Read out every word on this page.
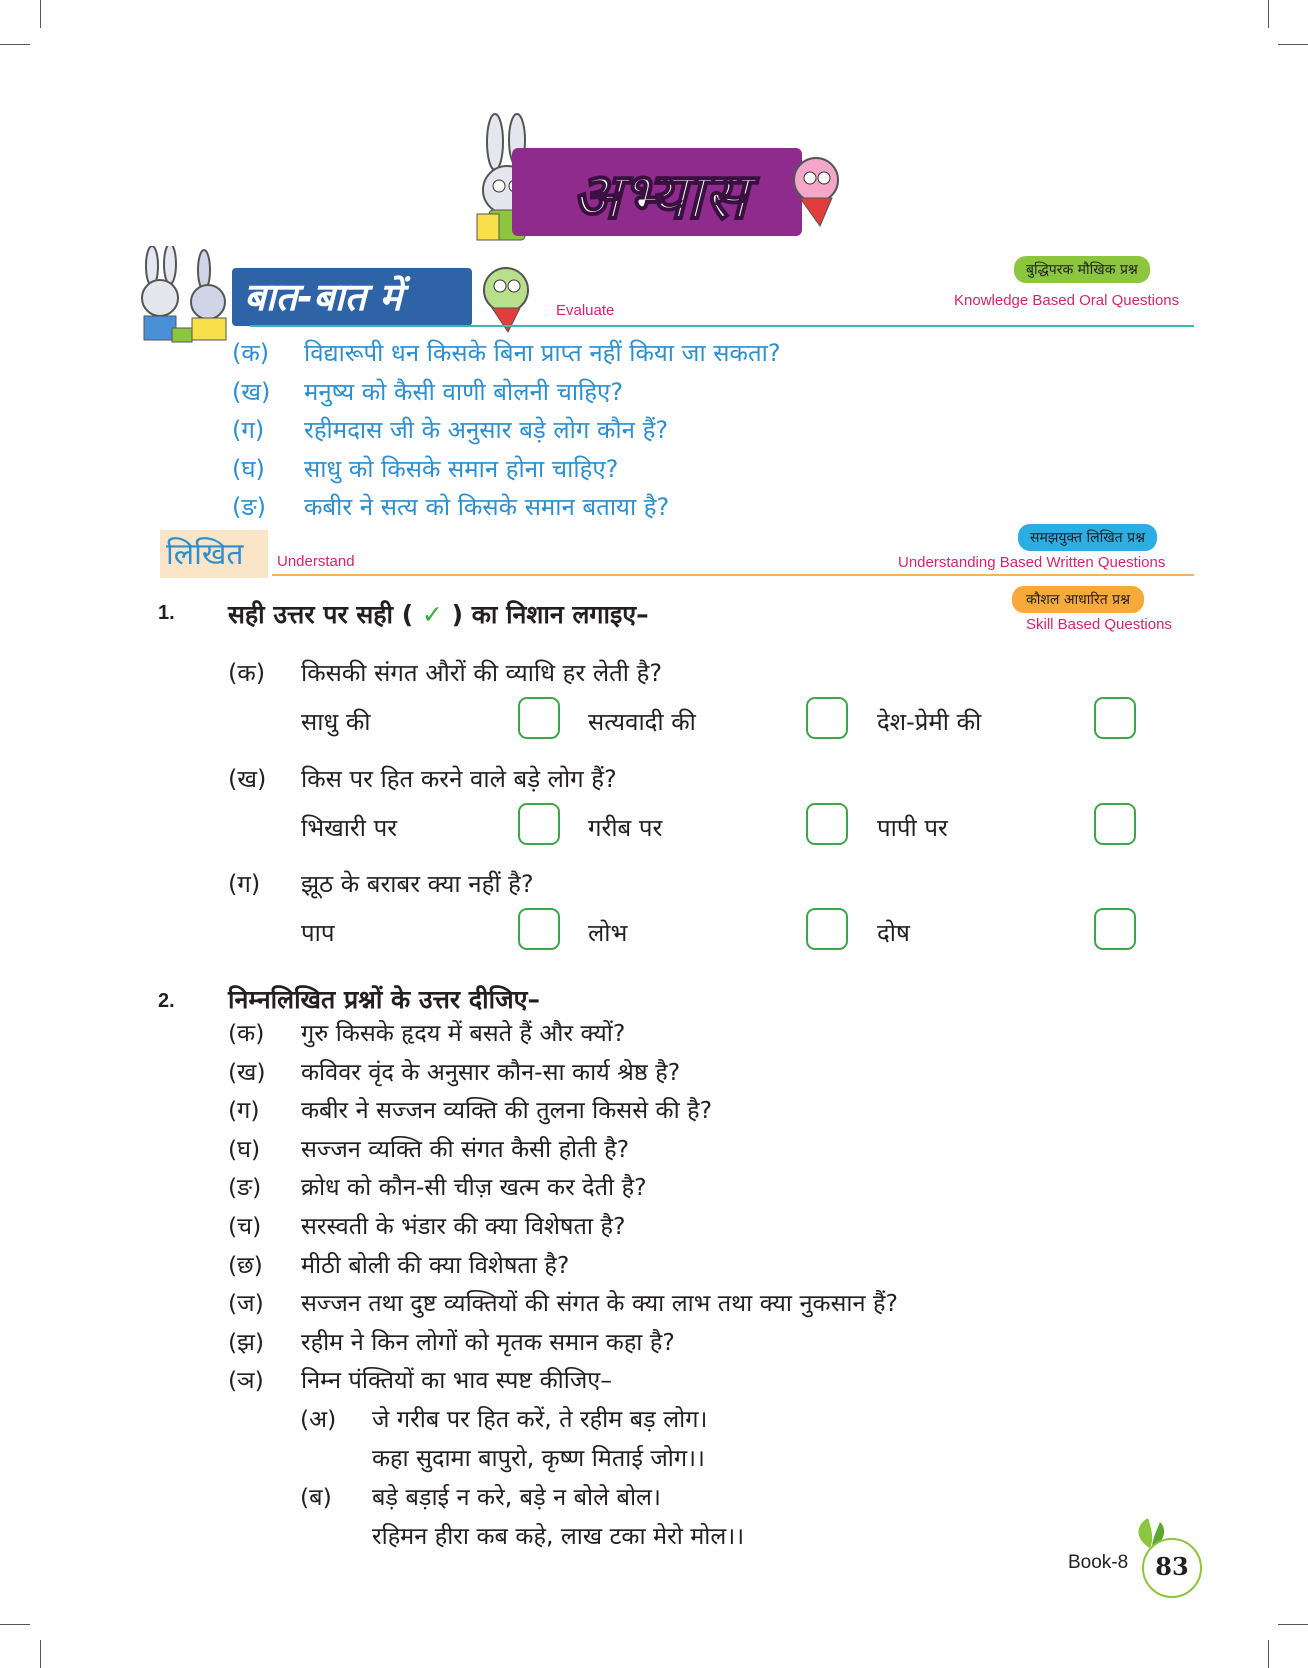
अभ्यास
बात-बात में	Evaluate
बुद्धिपरक मौखिक प्रश्न
Knowledge Based Oral Questions
(क)	विद्यारूपी धन किसके बिना प्राप्त नहीं किया जा सकता?
(ख)	मनुष्य को कैसी वाणी बोलनी चाहिए?
(ग)	रहीमदास जी के अनुसार बड़े लोग कौन हैं?
(घ)	साधु को किसके समान होना चाहिए?
(ङ)	कबीर ने सत्य को किसके समान बताया है?
लिखित Understand
समझयुक्त लिखित प्रश्न
Understanding Based Written Questions
कौशल आधारित प्रश्न
Skill Based Questions
1. सही उत्तर पर सही ( ✓ ) का निशान लगाइए–
(क) किसकी संगत औरों की व्याधि हर लेती है?
साधु की	सत्यवादी की	देश-प्रेमी की
(ख) किस पर हित करने वाले बड़े लोग हैं?
भिखारी पर	गरीब पर	पापी पर
(ग) झूठ के बराबर क्या नहीं है?
पाप	लोभ	दोष
2. निम्नलिखित प्रश्नों के उत्तर दीजिए–
(क)	गुरु किसके हृदय में बसते हैं और क्यों?
(ख)	कविवर वृंद के अनुसार कौन-सा कार्य श्रेष्ठ है?
(ग)	कबीर ने सज्जन व्यक्ति की तुलना किससे की है?
(घ)	सज्जन व्यक्ति की संगत कैसी होती है?
(ङ)	क्रोध को कौन-सी चीज़ खत्म कर देती है?
(च)	सरस्वती के भंडार की क्या विशेषता है?
(छ)	मीठी बोली की क्या विशेषता है?
(ज)	सज्जन तथा दुष्ट व्यक्तियों की संगत के क्या लाभ तथा क्या नुकसान हैं?
(झ)	रहीम ने किन लोगों को मृतक समान कहा है?
(ञ)	निम्न पंक्तियों का भाव स्पष्ट कीजिए–
(अ) जे गरीब पर हित करें, ते रहीम बड़ लोग।
कहा सुदामा बापुरो, कृष्ण मिताई जोग।।
(ब) बड़े बड़ाई न करे, बड़े न बोले बोल।
रहिमन हीरा कब कहे, लाख टका मेरो मोल।।
Book-8	83
